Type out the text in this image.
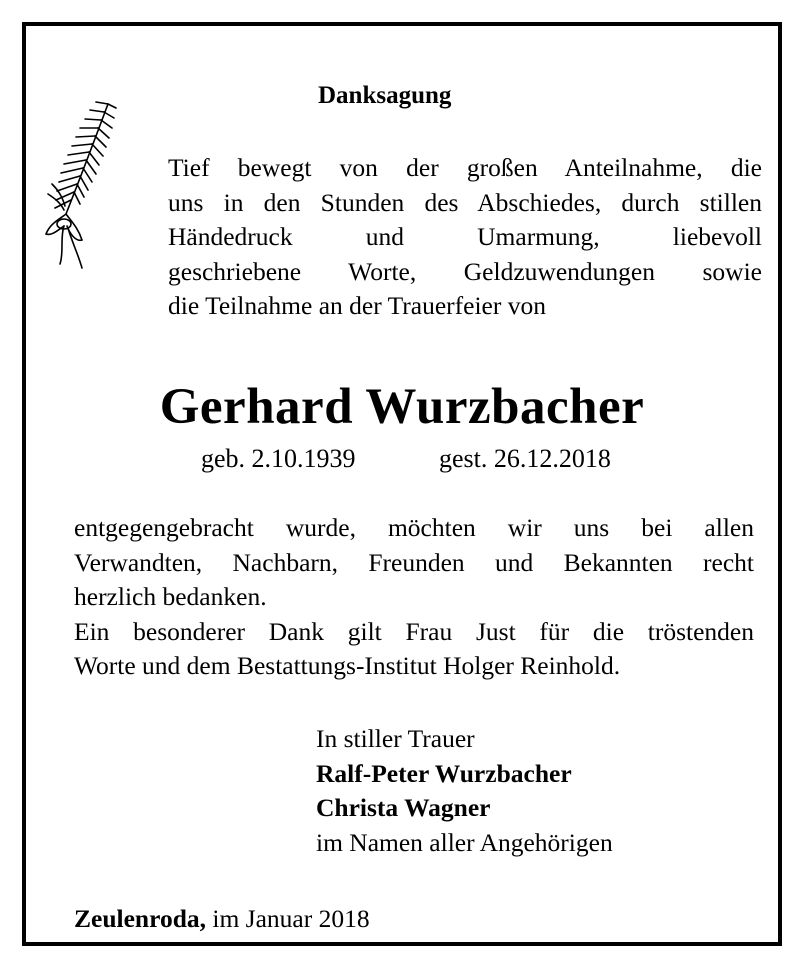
Danksagung
Tief bewegt von der großen Anteilnahme, die
uns in den Stunden des Abschiedes, durch stillen
Händedruck und Umarmung, liebevoll
geschriebene Worte, Geldzuwendungen sowie
die Teilnahme an der Trauerfeier von
Gerhard Wurzbacher
geb. 2.10.1939	gest. 26.12.2018
entgegengebracht wurde, möchten wir uns bei allen
Verwandten, Nachbarn, Freunden und Bekannten recht
herzlich bedanken.
Ein besonderer Dank gilt Frau Just für die tröstenden
Worte und dem Bestattungs-Institut Holger Reinhold.
In stiller Trauer
Ralf-Peter Wurzbacher
Christa Wagner
im Namen aller Angehörigen
Zeulenroda, im Januar 2018
